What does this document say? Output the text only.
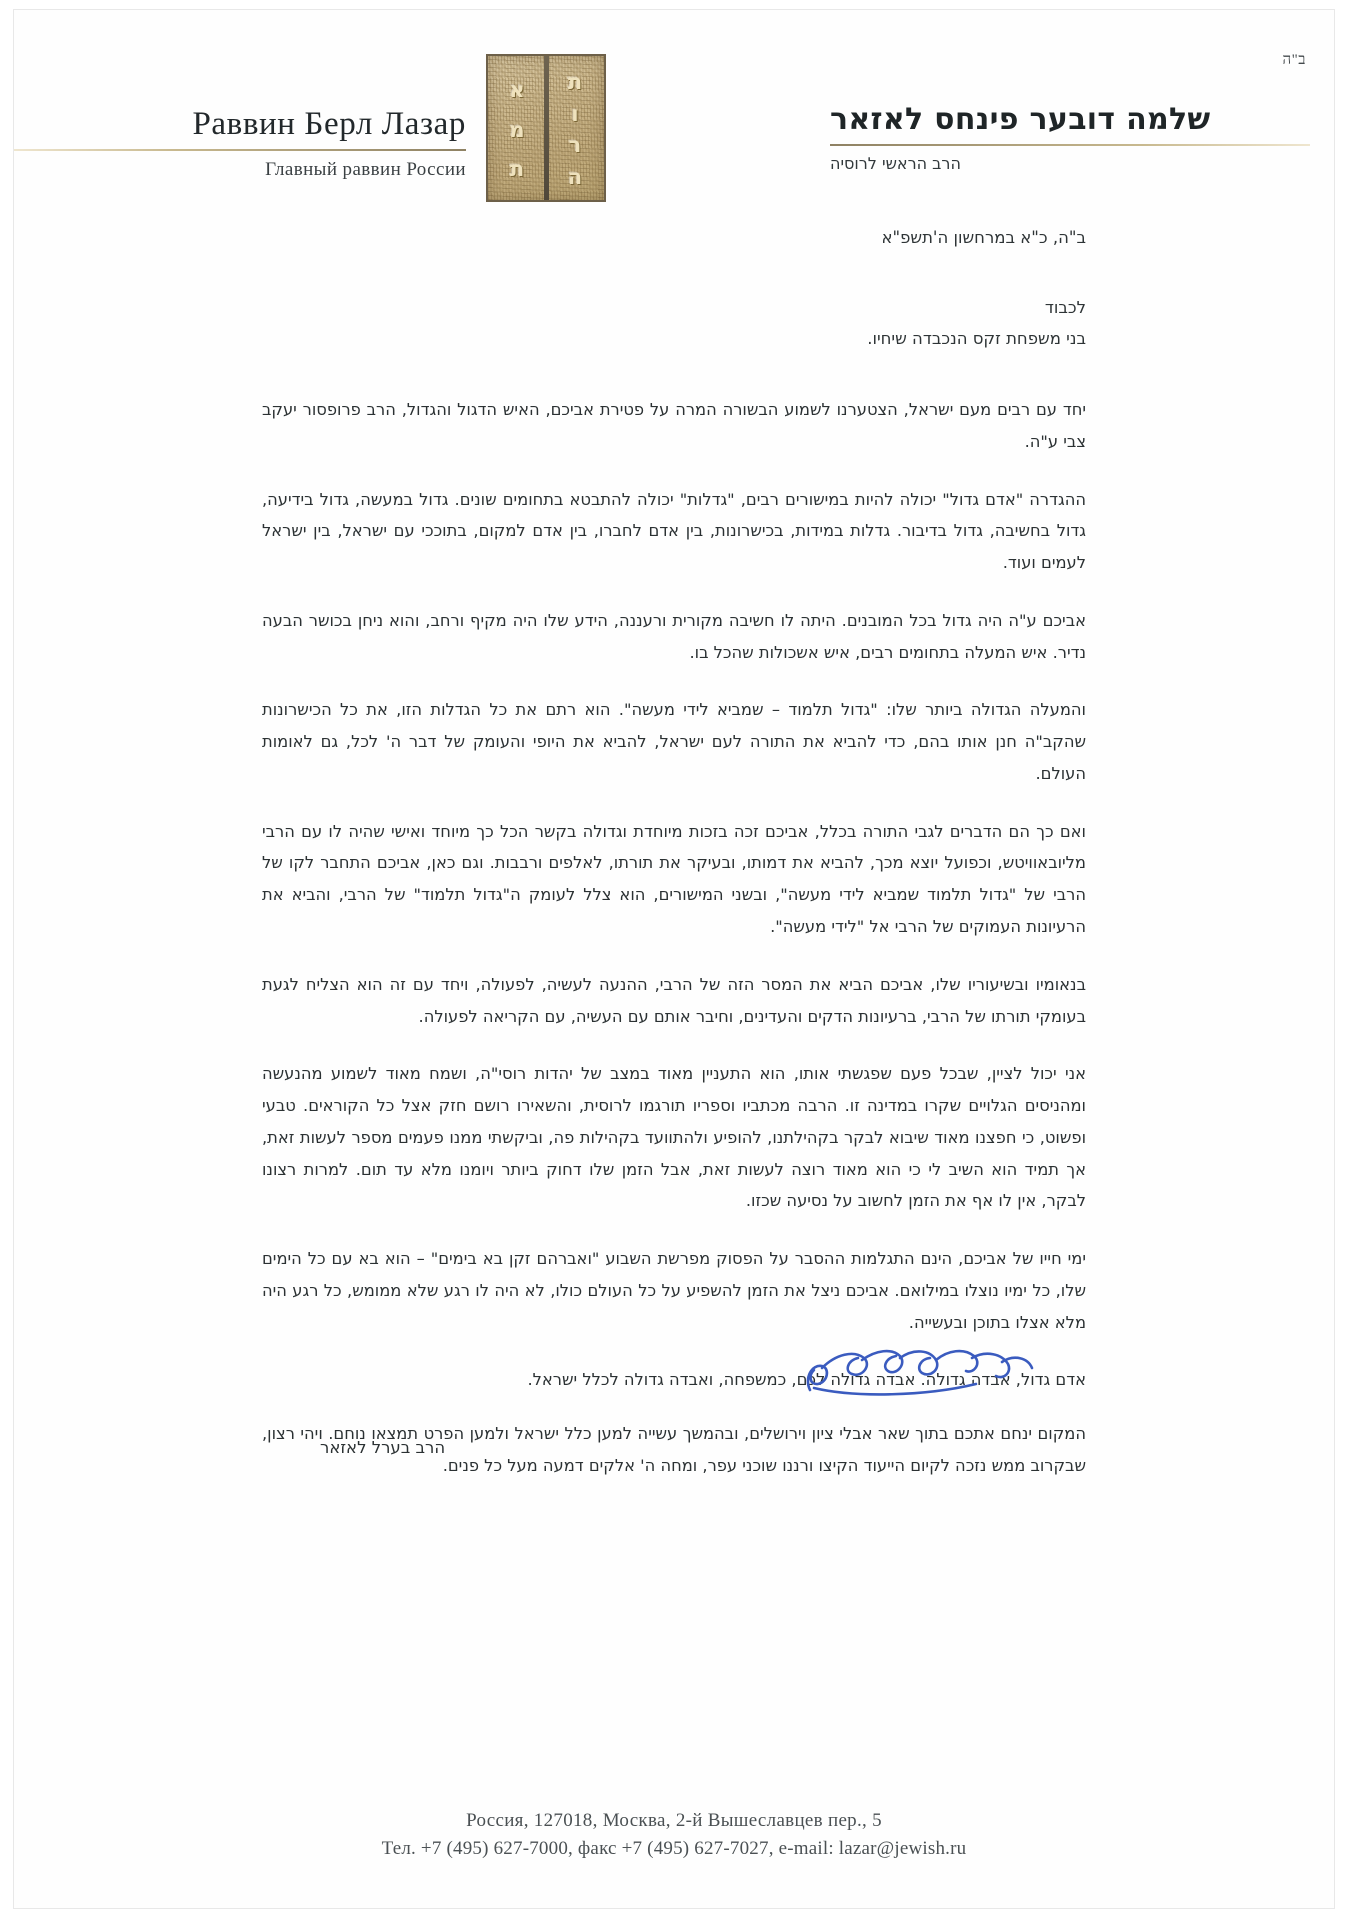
ב"ה
Раввин Берл Лазар
Главный раввин России
ת
ו
ר
ה
א
מ
ת
שלמה דובער פינחס לאזאר
הרב הראשי לרוסיה
ב"ה, כ"א במרחשון ה'תשפ"א
לכבוד
בני משפחת זקס הנכבדה שיחיו.

יחד עם רבים מעם ישראל, הצטערנו לשמוע הבשורה המרה על פטירת אביכם, האיש הדגול והגדול, הרב פרופסור יעקב צבי ע"ה.

ההגדרה "אדם גדול" יכולה להיות במישורים רבים, "גדלות" יכולה להתבטא בתחומים שונים. גדול במעשה, גדול בידיעה, גדול בחשיבה, גדול בדיבור. גדלות במידות, בכישרונות, בין אדם לחברו, בין אדם למקום, בתוככי עם ישראל, בין ישראל לעמים ועוד.

אביכם ע"ה היה גדול בכל המובנים. היתה לו חשיבה מקורית ורעננה, הידע שלו היה מקיף ורחב, והוא ניחן בכושר הבעה נדיר. איש המעלה בתחומים רבים, איש אשכולות שהכל בו.

והמעלה הגדולה ביותר שלו: "גדול תלמוד – שמביא לידי מעשה". הוא רתם את כל הגדלות הזו, את כל הכישרונות שהקב"ה חנן אותו בהם, כדי להביא את התורה לעם ישראל, להביא את היופי והעומק של דבר ה' לכל, גם לאומות העולם.

ואם כך הם הדברים לגבי התורה בכלל, אביכם זכה בזכות מיוחדת וגדולה בקשר הכל כך מיוחד ואישי שהיה לו עם הרבי מליובאוויטש, וכפועל יוצא מכך, להביא את דמותו, ובעיקר את תורתו, לאלפים ורבבות. וגם כאן, אביכם התחבר לקו של הרבי של "גדול תלמוד שמביא לידי מעשה", ובשני המישורים, הוא צלל לעומק ה"גדול תלמוד" של הרבי, והביא את הרעיונות העמוקים של הרבי אל "לידי מעשה".

בנאומיו ובשיעוריו שלו, אביכם הביא את המסר הזה של הרבי, ההנעה לעשיה, לפעולה, ויחד עם זה הוא הצליח לגעת בעומקי תורתו של הרבי, ברעיונות הדקים והעדינים, וחיבר אותם עם העשיה, עם הקריאה לפעולה.

אני יכול לציין, שבכל פעם שפגשתי אותו, הוא התעניין מאוד במצב של יהדות רוסי"ה, ושמח מאוד לשמוע מהנעשה ומהניסים הגלויים שקרו במדינה זו. הרבה מכתביו וספריו תורגמו לרוסית, והשאירו רושם חזק אצל כל הקוראים. טבעי ופשוט, כי חפצנו מאוד שיבוא לבקר בקהילתנו, להופיע ולהתוועד בקהילות פה, וביקשתי ממנו פעמים מספר לעשות זאת, אך תמיד הוא השיב לי כי הוא מאוד רוצה לעשות זאת, אבל הזמן שלו דחוק ביותר ויומנו מלא עד תום. למרות רצונו לבקר, אין לו אף את הזמן לחשוב על נסיעה שכזו.

ימי חייו של אביכם, הינם התגלמות ההסבר על הפסוק מפרשת השבוע "ואברהם זקן בא בימים" – הוא בא עם כל הימים שלו, כל ימיו נוצלו במילואם. אביכם ניצל את הזמן להשפיע על כל העולם כולו, לא היה לו רגע שלא ממומש, כל רגע היה מלא אצלו בתוכן ובעשייה.

אדם גדול, אבדה גדולה. אבדה גדולה לכם, כמשפחה, ואבדה גדולה לכלל ישראל.

המקום ינחם אתכם בתוך שאר אבלי ציון וירושלים, ובהמשך עשייה למען כלל ישראל ולמען הפרט תמצאו נוחם. ויהי רצון, שבקרוב ממש נזכה לקיום הייעוד הקיצו ורננו שוכני עפר, ומחה ה' אלקים דמעה מעל כל פנים.

הרב בערל לאזאר
Россия, 127018, Москва, 2-й Вышеславцев пер., 5
Тел. +7 (495) 627-7000, факс +7 (495) 627-7027, e-mail: lazar@jewish.ru
